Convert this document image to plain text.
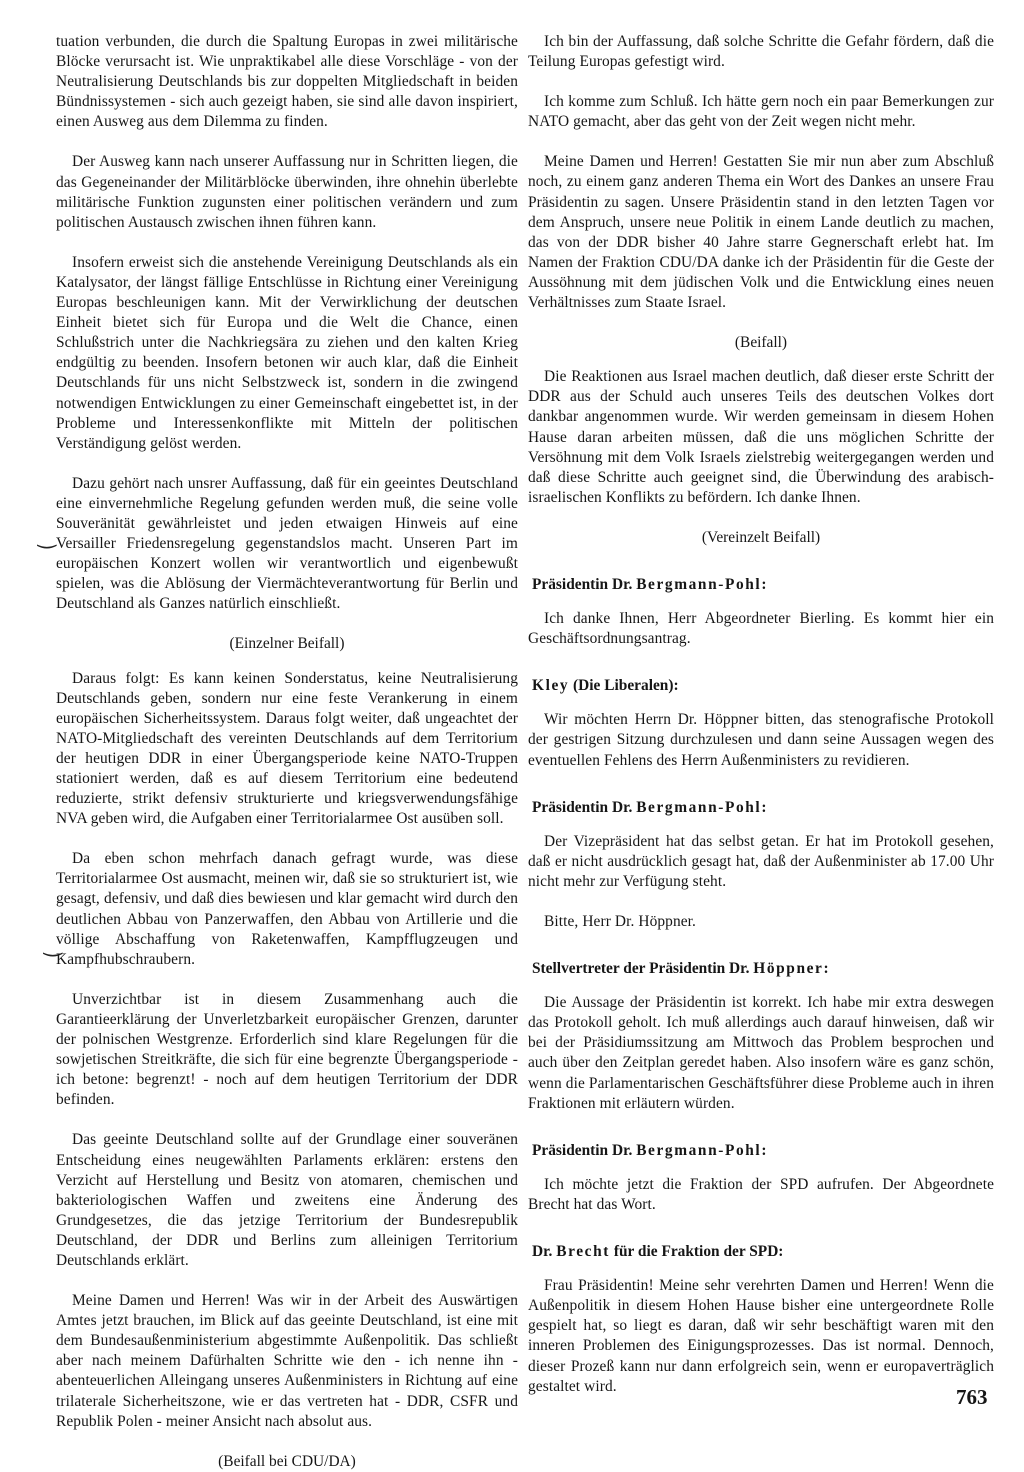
tuation verbunden, die durch die Spaltung Europas in zwei militärische Blöcke verursacht ist. Wie unpraktikabel alle diese Vorschläge - von der Neutralisierung Deutschlands bis zur doppelten Mitgliedschaft in beiden Bündnissystemen - sich auch gezeigt haben, sie sind alle davon inspiriert, einen Ausweg aus dem Dilemma zu finden.

Der Ausweg kann nach unserer Auffassung nur in Schritten liegen, die das Gegeneinander der Militärblöcke überwinden, ihre ohnehin überlebte militärische Funktion zugunsten einer politischen verändern und zum politischen Austausch zwischen ihnen führen kann.

Insofern erweist sich die anstehende Vereinigung Deutschlands als ein Katalysator, der längst fällige Entschlüsse in Richtung einer Vereinigung Europas beschleunigen kann. Mit der Verwirklichung der deutschen Einheit bietet sich für Europa und die Welt die Chance, einen Schlußstrich unter die Nachkriegsära zu ziehen und den kalten Krieg endgültig zu beenden. Insofern betonen wir auch klar, daß die Einheit Deutschlands für uns nicht Selbstzweck ist, sondern in die zwingend notwendigen Entwicklungen zu einer Gemeinschaft eingebettet ist, in der Probleme und Interessenkonflikte mit Mitteln der politischen Verständigung gelöst werden.

Dazu gehört nach unsrer Auffassung, daß für ein geeintes Deutschland eine einvernehmliche Regelung gefunden werden muß, die seine volle Souveränität gewährleistet und jeden etwaigen Hinweis auf eine Versailler Friedensregelung gegenstandslos macht. Unseren Part im europäischen Konzert wollen wir verantwortlich und eigenbewußt spielen, was die Ablösung der Viermächteverantwortung für Berlin und Deutschland als Ganzes natürlich einschließt.

(Einzelner Beifall)

Daraus folgt: Es kann keinen Sonderstatus, keine Neutralisierung Deutschlands geben, sondern nur eine feste Verankerung in einem europäischen Sicherheitssystem. Daraus folgt weiter, daß ungeachtet der NATO-Mitgliedschaft des vereinten Deutschlands auf dem Territorium der heutigen DDR in einer Übergangsperiode keine NATO-Truppen stationiert werden, daß es auf diesem Territorium eine bedeutend reduzierte, strikt defensiv strukturierte und kriegsverwendungsfähige NVA geben wird, die Aufgaben einer Territorialarmee Ost ausüben soll.

Da eben schon mehrfach danach gefragt wurde, was diese Territorialarmee Ost ausmacht, meinen wir, daß sie so strukturiert ist, wie gesagt, defensiv, und daß dies bewiesen und klar gemacht wird durch den deutlichen Abbau von Panzerwaffen, den Abbau von Artillerie und die völlige Abschaffung von Raketenwaffen, Kampfflugzeugen und Kampfhubschraubern.

Unverzichtbar ist in diesem Zusammenhang auch die Garantieerklärung der Unverletzbarkeit europäischer Grenzen, darunter der polnischen Westgrenze. Erforderlich sind klare Regelungen für die sowjetischen Streitkräfte, die sich für eine begrenzte Übergangsperiode - ich betone: begrenzt! - noch auf dem heutigen Territorium der DDR befinden.

Das geeinte Deutschland sollte auf der Grundlage einer souveränen Entscheidung eines neugewählten Parlaments erklären: erstens den Verzicht auf Herstellung und Besitz von atomaren, chemischen und bakteriologischen Waffen und zweitens eine Änderung des Grundgesetzes, die das jetzige Territorium der Bundesrepublik Deutschland, der DDR und Berlins zum alleinigen Territorium Deutschlands erklärt.

Meine Damen und Herren! Was wir in der Arbeit des Auswärtigen Amtes jetzt brauchen, im Blick auf das geeinte Deutschland, ist eine mit dem Bundesaußenministerium abgestimmte Außenpolitik. Das schließt aber nach meinem Dafürhalten Schritte wie den - ich nenne ihn - abenteuerlichen Alleingang unseres Außenministers in Richtung auf eine trilaterale Sicherheitszone, wie er das vertreten hat - DDR, CSFR und Republik Polen - meiner Ansicht nach absolut aus.

(Beifall bei CDU/DA)

Ich bin der Auffassung, daß solche Schritte die Gefahr fördern, daß die Teilung Europas gefestigt wird.

Ich komme zum Schluß. Ich hätte gern noch ein paar Bemerkungen zur NATO gemacht, aber das geht von der Zeit wegen nicht mehr.

Meine Damen und Herren! Gestatten Sie mir nun aber zum Abschluß noch, zu einem ganz anderen Thema ein Wort des Dankes an unsere Frau Präsidentin zu sagen. Unsere Präsidentin stand in den letzten Tagen vor dem Anspruch, unsere neue Politik in einem Lande deutlich zu machen, das von der DDR bisher 40 Jahre starre Gegnerschaft erlebt hat. Im Namen der Fraktion CDU/DA danke ich der Präsidentin für die Geste der Aussöhnung mit dem jüdischen Volk und die Entwicklung eines neuen Verhältnisses zum Staate Israel.

(Beifall)

Die Reaktionen aus Israel machen deutlich, daß dieser erste Schritt der DDR aus der Schuld auch unseres Teils des deutschen Volkes dort dankbar angenommen wurde. Wir werden gemeinsam in diesem Hohen Hause daran arbeiten müssen, daß die uns möglichen Schritte der Versöhnung mit dem Volk Israels zielstrebig weitergegangen werden und daß diese Schritte auch geeignet sind, die Überwindung des arabisch-israelischen Konflikts zu befördern. Ich danke Ihnen.

(Vereinzelt Beifall)

Präsidentin Dr. Bergmann-Pohl:

Ich danke Ihnen, Herr Abgeordneter Bierling. Es kommt hier ein Geschäftsordnungsantrag.

Kley (Die Liberalen):

Wir möchten Herrn Dr. Höppner bitten, das stenografische Protokoll der gestrigen Sitzung durchzulesen und dann seine Aussagen wegen des eventuellen Fehlens des Herrn Außenministers zu revidieren.

Präsidentin Dr. Bergmann-Pohl:

Der Vizepräsident hat das selbst getan. Er hat im Protokoll gesehen, daß er nicht ausdrücklich gesagt hat, daß der Außenminister ab 17.00 Uhr nicht mehr zur Verfügung steht.

Bitte, Herr Dr. Höppner.

Stellvertreter der Präsidentin Dr. Höppner:

Die Aussage der Präsidentin ist korrekt. Ich habe mir extra deswegen das Protokoll geholt. Ich muß allerdings auch darauf hinweisen, daß wir bei der Präsidiumssitzung am Mittwoch das Problem besprochen und auch über den Zeitplan geredet haben. Also insofern wäre es ganz schön, wenn die Parlamentarischen Geschäftsführer diese Probleme auch in ihren Fraktionen mit erläutern würden.

Präsidentin Dr. Bergmann-Pohl:

Ich möchte jetzt die Fraktion der SPD aufrufen. Der Abgeordnete Brecht hat das Wort.

Dr. Brecht für die Fraktion der SPD:

Frau Präsidentin! Meine sehr verehrten Damen und Herren! Wenn die Außenpolitik in diesem Hohen Hause bisher eine untergeordnete Rolle gespielt hat, so liegt es daran, daß wir sehr beschäftigt waren mit den inneren Problemen des Einigungsprozesses. Das ist normal. Dennoch, dieser Prozeß kann nur dann erfolgreich sein, wenn er europaverträglich gestaltet wird.

‿
‿
763
